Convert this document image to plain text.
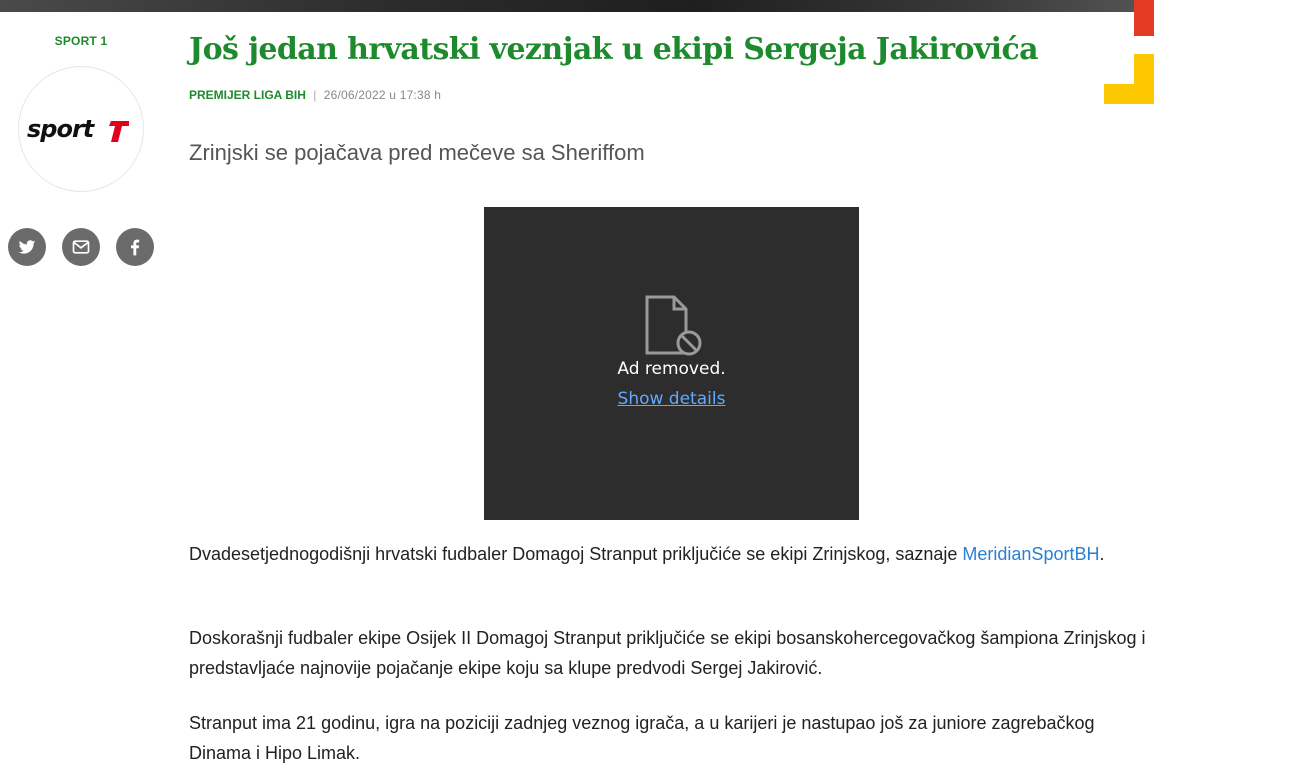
SPORT 1
sport
Još jedan hrvatski veznjak u ekipi Sergeja Jakirovića
PREMIJER LIGA BIH | 26/06/2022 u 17:38 h
Zrinjski se pojačava pred mečeve sa Sheriffom
Ad removed.
Show details

Dvadesetjednogodišnji hrvatski fudbaler Domagoj Stranput priključiće se ekipi Zrinjskog, saznaje MeridianSportBH.

Doskorašnji fudbaler ekipe Osijek II Domagoj Stranput priključiće se ekipi bosanskohercegovačkog šampiona Zrinjskog i predstavljaće najnovije pojačanje ekipe koju sa klupe predvodi Sergej Jakirović.

Stranput ima 21 godinu, igra na poziciji zadnjeg veznog igrača, a u karijeri je nastupao još za juniore zagrebačkog Dinama i Hipo Limak.
